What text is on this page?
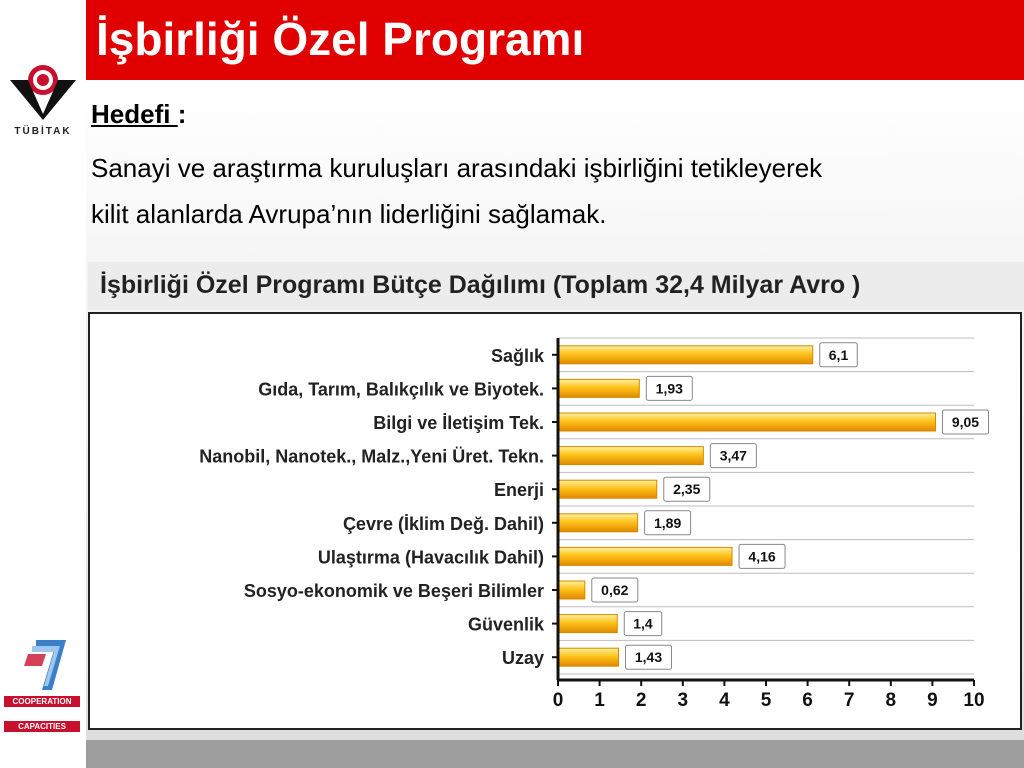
TÜBİTAK
COOPERATION
CAPACITIES
İşbirliği Özel Programı
Hedefi :
Sanayi ve araştırma kuruluşları arasındaki işbirliğini tetikleyerek
kilit alanlarda Avrupa’nın liderliğini sağlamak.
İşbirliği Özel Programı Bütçe Dağılımı (Toplam 32,4 Milyar Avro )
Sağlık	6,1
Gıda, Tarım, Balıkçılık ve Biyotek.	1,93
Bilgi ve İletişim Tek.	9,05
Nanobil, Nanotek., Malz.,Yeni Üret. Tekn.	3,47
Enerji	2,35
Çevre (İklim Değ. Dahil)	1,89
Ulaştırma (Havacılık Dahil)	4,16
Sosyo-ekonomik ve Beşeri Bilimler	0,62
Güvenlik	1,4
Uzay	1,43
0 1 2 3 4 5 6 7 8 9 10
